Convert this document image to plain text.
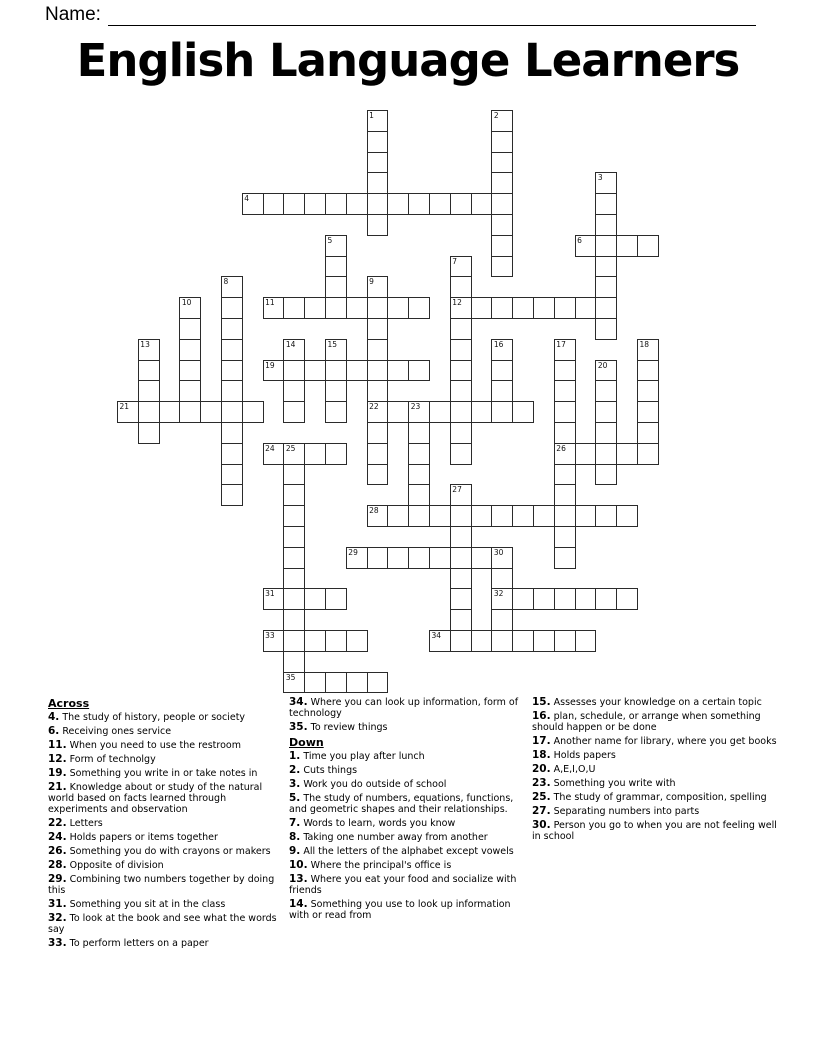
Name:
English Language Learners
1	2
3
4
5	6
7
12
8	9
22
10	11
13	14	15	16	17
26
18
19	20
21	23
24 25
35
27
28
29	30
32
31
33	34
Across
4. The study of history, people or society
6. Receiving ones service
11. When you need to use the restroom
12. Form of technolgy
19. Something you write in or take notes in
21. Knowledge about or study of the natural world based on facts learned through experiments and observation
22. Letters
24. Holds papers or items together
26. Something you do with crayons or makers
28. Opposite of division
29. Combining two numbers together by doing this
31. Something you sit at in the class
32. To look at the book and see what the words say
33. To perform letters on a paper
34. Where you can look up information, form of technology
35. To review things
Down
1. Time you play after lunch
2. Cuts things
3. Work you do outside of school
5. The study of numbers, equations, functions, and geometric shapes and their relationships.
7. Words to learn, words you know
8. Taking one number away from another
9. All the letters of the alphabet except vowels
10. Where the principal's office is
13. Where you eat your food and socialize with friends
14. Something you use to look up information with or read from
15. Assesses your knowledge on a certain topic
16. plan, schedule, or arrange when something should happen or be done
17. Another name for library, where you get books
18. Holds papers
20. A,E,I,O,U
23. Something you write with
25. The study of grammar, composition, spelling
27. Separating numbers into parts
30. Person you go to when you are not feeling well in school
